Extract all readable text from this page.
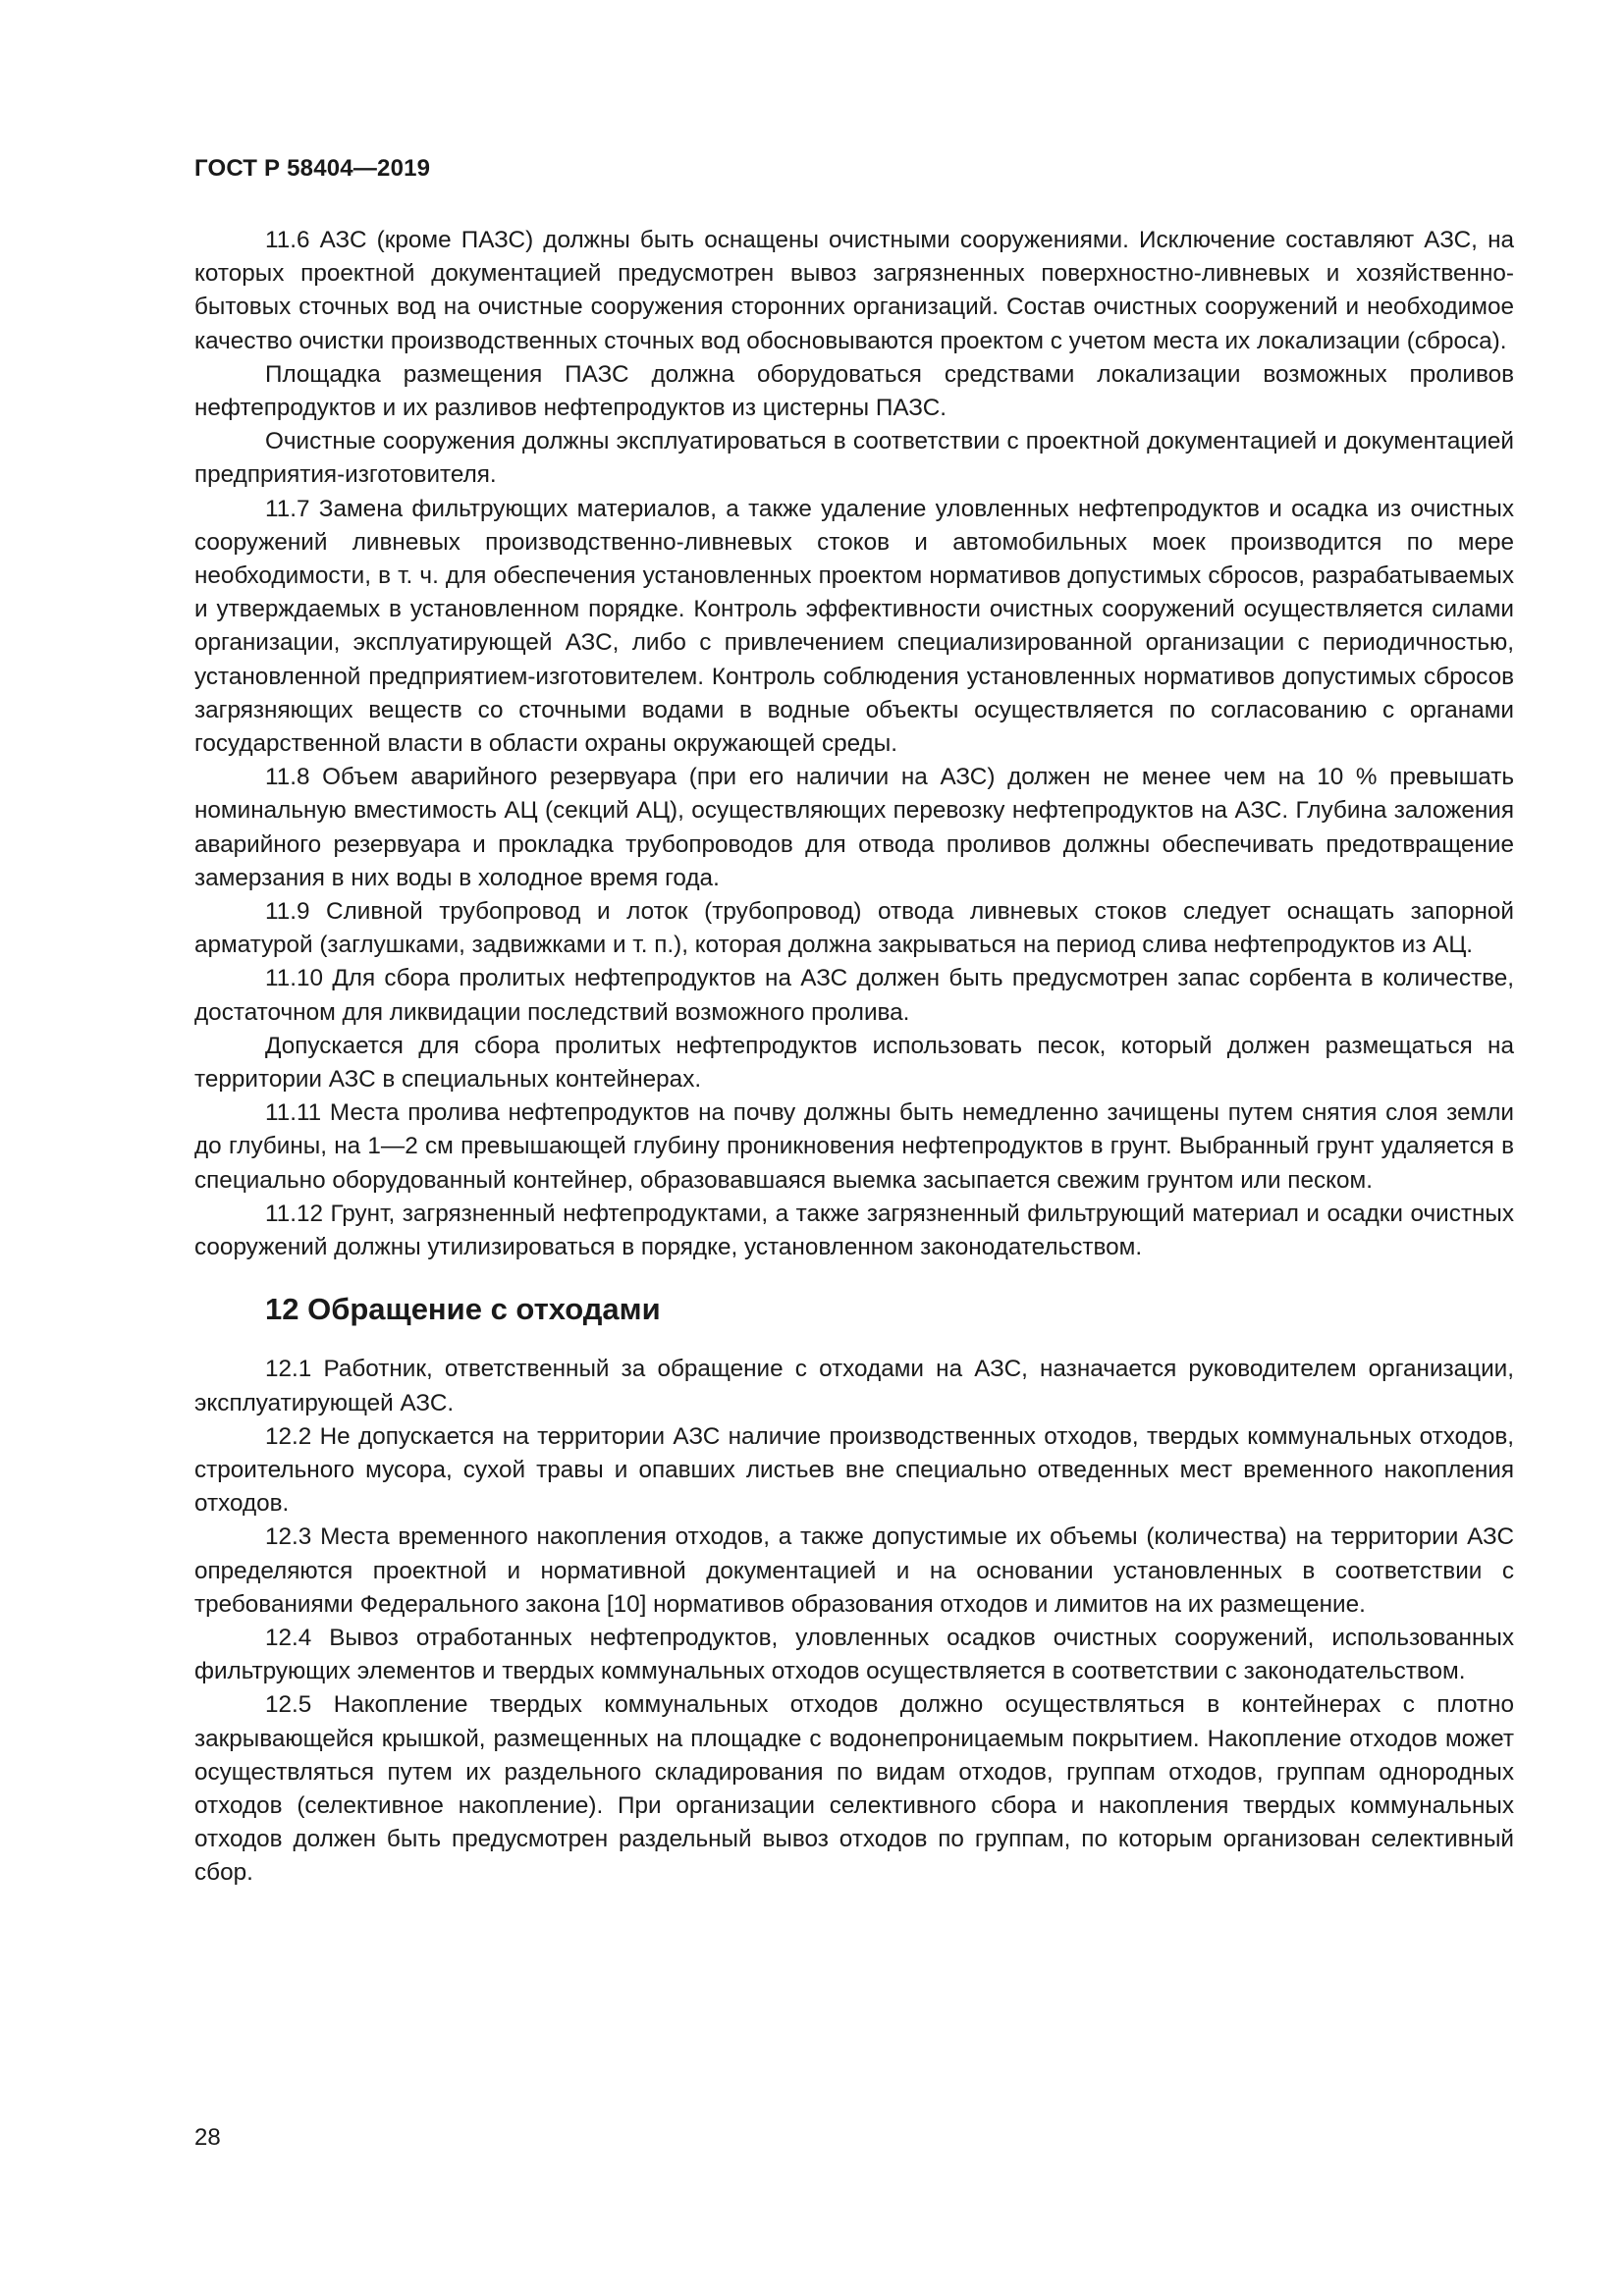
ГОСТ Р 58404—2019

11.6 АЗС (кроме ПАЗС) должны быть оснащены очистными сооружениями. Исключение составляют АЗС, на которых проектной документацией предусмотрен вывоз загрязненных поверхностно-ливневых и хозяйственно-бытовых сточных вод на очистные сооружения сторонних организаций. Состав очистных сооружений и необходимое качество очистки производственных сточных вод обосновываются проектом с учетом места их локализации (сброса).

Площадка размещения ПАЗС должна оборудоваться средствами локализации возможных проливов нефтепродуктов и их разливов нефтепродуктов из цистерны ПАЗС.

Очистные сооружения должны эксплуатироваться в соответствии с проектной документацией и документацией предприятия-изготовителя.

11.7 Замена фильтрующих материалов, а также удаление уловленных нефтепродуктов и осадка из очистных сооружений ливневых производственно-ливневых стоков и автомобильных моек производится по мере необходимости, в т. ч. для обеспечения установленных проектом нормативов допустимых сбросов, разрабатываемых и утверждаемых в установленном порядке. Контроль эффективности очистных сооружений осуществляется силами организации, эксплуатирующей АЗС, либо с привлечением специализированной организации с периодичностью, установленной предприятием-изготовителем. Контроль соблюдения установленных нормативов допустимых сбросов загрязняющих веществ со сточными водами в водные объекты осуществляется по согласованию с органами государственной власти в области охраны окружающей среды.

11.8 Объем аварийного резервуара (при его наличии на АЗС) должен не менее чем на 10 % превышать номинальную вместимость АЦ (секций АЦ), осуществляющих перевозку нефтепродуктов на АЗС. Глубина заложения аварийного резервуара и прокладка трубопроводов для отвода проливов должны обеспечивать предотвращение замерзания в них воды в холодное время года.

11.9 Сливной трубопровод и лоток (трубопровод) отвода ливневых стоков следует оснащать запорной арматурой (заглушками, задвижками и т. п.), которая должна закрываться на период слива нефтепродуктов из АЦ.

11.10 Для сбора пролитых нефтепродуктов на АЗС должен быть предусмотрен запас сорбента в количестве, достаточном для ликвидации последствий возможного пролива.

Допускается для сбора пролитых нефтепродуктов использовать песок, который должен размещаться на территории АЗС в специальных контейнерах.

11.11 Места пролива нефтепродуктов на почву должны быть немедленно зачищены путем снятия слоя земли до глубины, на 1—2 см превышающей глубину проникновения нефтепродуктов в грунт. Выбранный грунт удаляется в специально оборудованный контейнер, образовавшаяся выемка засыпается свежим грунтом или песком.

11.12 Грунт, загрязненный нефтепродуктами, а также загрязненный фильтрующий материал и осадки очистных сооружений должны утилизироваться в порядке, установленном законодательством.

12 Обращение с отходами

12.1 Работник, ответственный за обращение с отходами на АЗС, назначается руководителем организации, эксплуатирующей АЗС.

12.2 Не допускается на территории АЗС наличие производственных отходов, твердых коммунальных отходов, строительного мусора, сухой травы и опавших листьев вне специально отведенных мест временного накопления отходов.

12.3 Места временного накопления отходов, а также допустимые их объемы (количества) на территории АЗС определяются проектной и нормативной документацией и на основании установленных в соответствии с требованиями Федерального закона [10] нормативов образования отходов и лимитов на их размещение.

12.4 Вывоз отработанных нефтепродуктов, уловленных осадков очистных сооружений, использованных фильтрующих элементов и твердых коммунальных отходов осуществляется в соответствии с законодательством.

12.5 Накопление твердых коммунальных отходов должно осуществляться в контейнерах с плотно закрывающейся крышкой, размещенных на площадке с водонепроницаемым покрытием. Накопление отходов может осуществляться путем их раздельного складирования по видам отходов, группам отходов, группам однородных отходов (селективное накопление). При организации селективного сбора и накопления твердых коммунальных отходов должен быть предусмотрен раздельный вывоз отходов по группам, по которым организован селективный сбор.

28
